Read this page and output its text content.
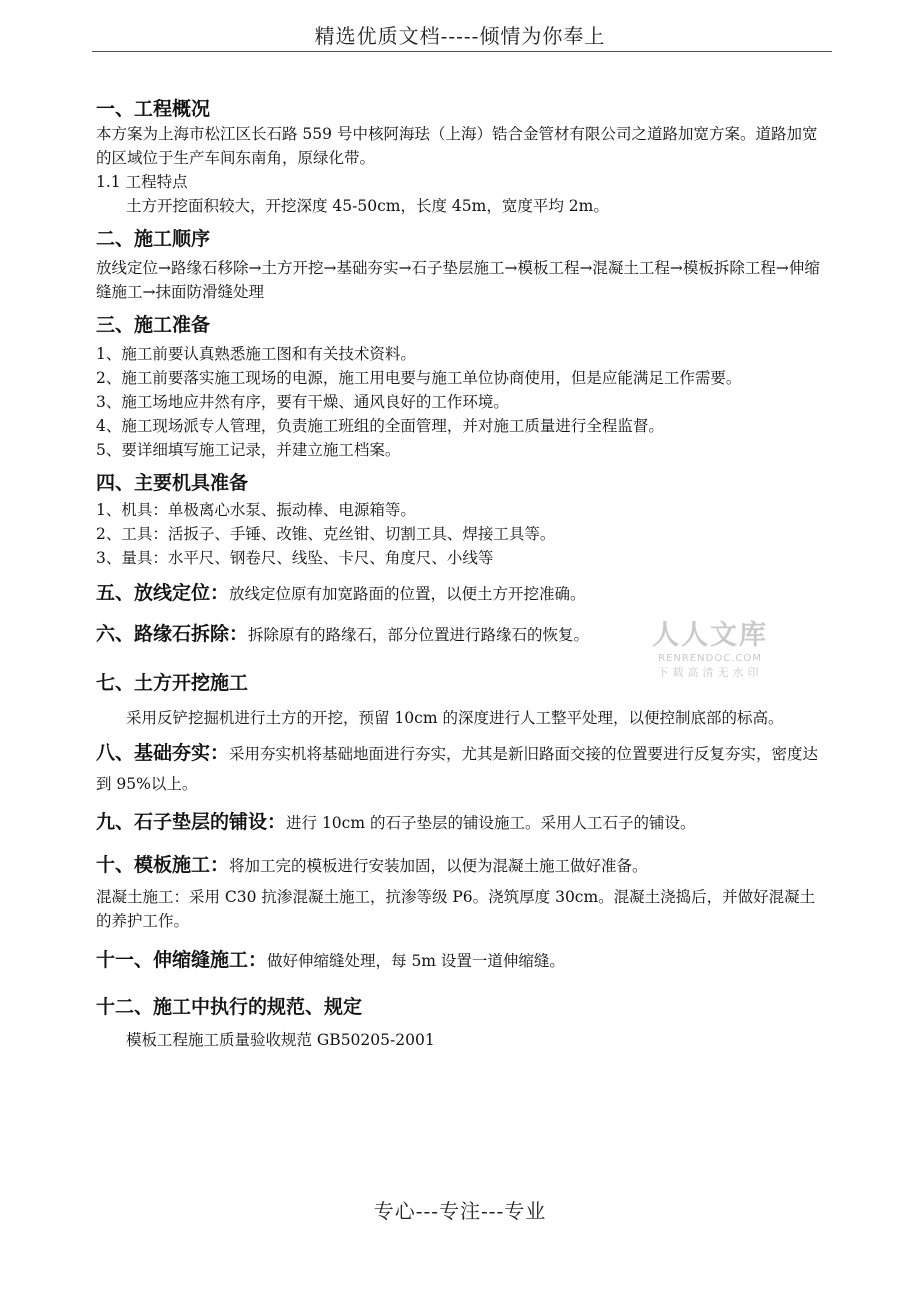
精选优质文档-----倾情为你奉上
人人文库
RENRENDOC.COM
下载高清无水印
一、工程概况

本方案为上海市松江区长石路 559 号中核阿海珐（上海）锆合金管材有限公司之道路加宽方案。道路加宽的区域位于生产车间东南角，原绿化带。

1.1 工程特点

土方开挖面积较大，开挖深度 45-50cm，长度 45m，宽度平均 2m。

二、施工顺序

放线定位→路缘石移除→土方开挖→基础夯实→石子垫层施工→模板工程→混凝土工程→模板拆除工程→伸缩缝施工→抹面防滑缝处理

三、施工准备

1、施工前要认真熟悉施工图和有关技术资料。

2、施工前要落实施工现场的电源，施工用电要与施工单位协商使用，但是应能满足工作需要。

3、施工场地应井然有序，要有干燥、通风良好的工作环境。

4、施工现场派专人管理，负责施工班组的全面管理，并对施工质量进行全程监督。

5、要详细填写施工记录，并建立施工档案。

四、主要机具准备

1、机具：单极离心水泵、振动棒、电源箱等。

2、工具：活扳子、手锤、改锥、克丝钳、切割工具、焊接工具等。

3、量具：水平尺、钢卷尺、线坠、卡尺、角度尺、小线等

五、放线定位：放线定位原有加宽路面的位置，以便土方开挖准确。

六、路缘石拆除：拆除原有的路缘石，部分位置进行路缘石的恢复。

七、土方开挖施工

采用反铲挖掘机进行土方的开挖，预留 10cm 的深度进行人工整平处理，以便控制底部的标高。

八、基础夯实：采用夯实机将基础地面进行夯实，尤其是新旧路面交接的位置要进行反复夯实，密度达到 95%以上。

九、石子垫层的铺设：进行 10cm 的石子垫层的铺设施工。采用人工石子的铺设。

十、模板施工：将加工完的模板进行安装加固，以便为混凝土施工做好准备。

混凝土施工：采用 C30 抗渗混凝土施工，抗渗等级 P6。浇筑厚度 30cm。混凝土浇捣后，并做好混凝土的养护工作。

十一、伸缩缝施工：做好伸缩缝处理，每 5m 设置一道伸缩缝。

十二、施工中执行的规范、规定

模板工程施工质量验收规范 GB50205-2001

专心---专注---专业
